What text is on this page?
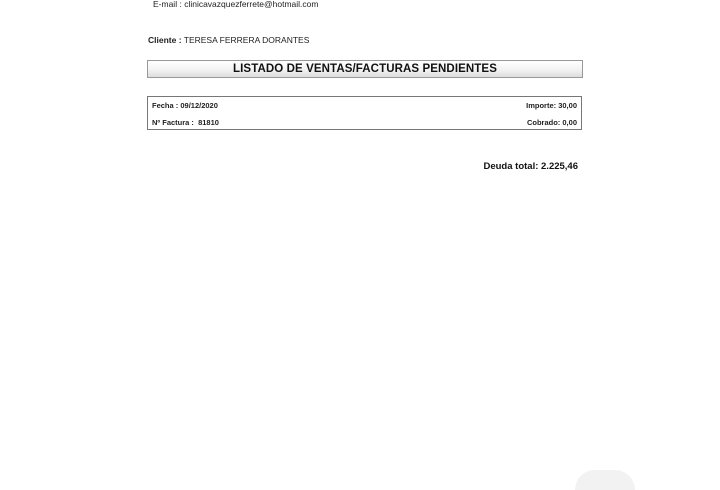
E-mail : clinicavazquezferrete@hotmail.com
Cliente : TERESA FERRERA DORANTES
LISTADO DE VENTAS/FACTURAS PENDIENTES
Fecha : 09/12/2020	Importe: 30,00
Nº Factura : 81810	Cobrado: 0,00
Deuda total: 2.225,46
